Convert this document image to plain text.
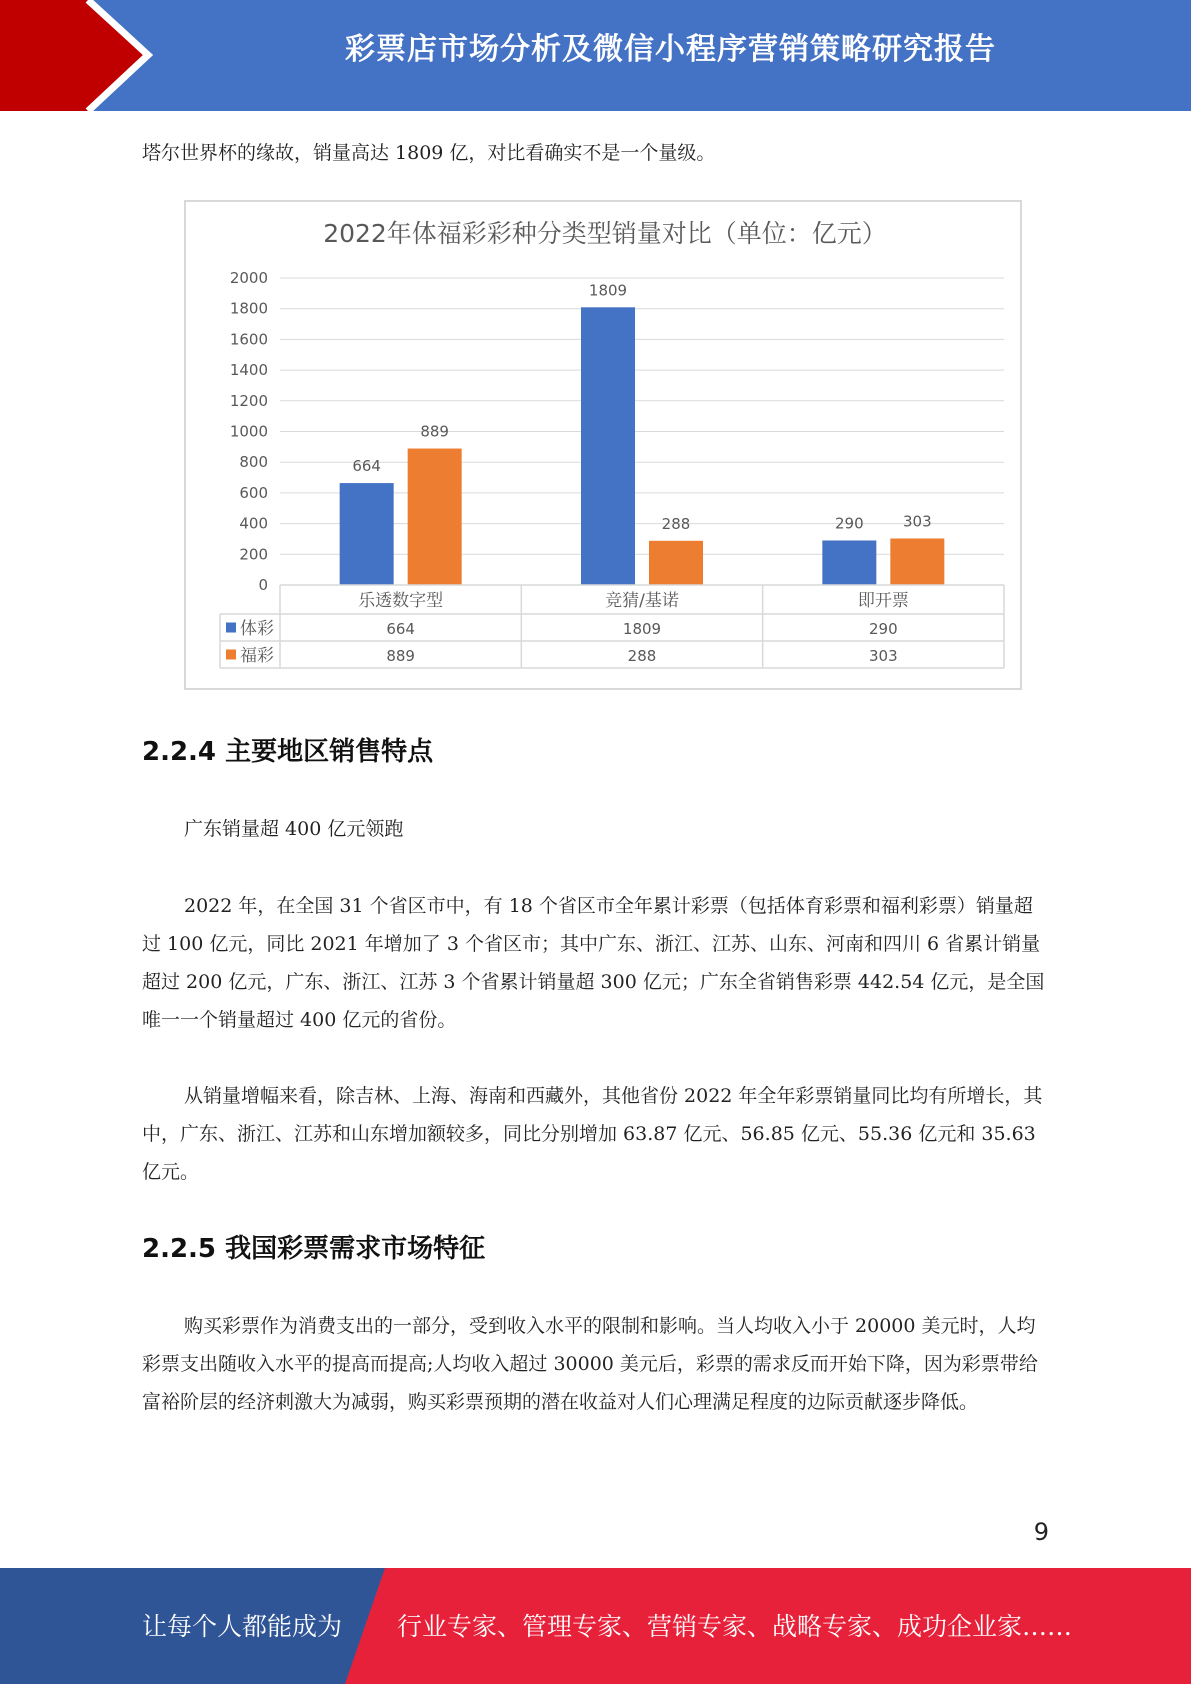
彩票店市场分析及微信小程序营销策略研究报告

塔尔世界杯的缘故，销量高达 1809 亿，对比看确实不是一个量级。

2022年体福彩彩种分类型销量对比（单位：亿元）
0
200
400
600
800
1000
1200
1400
1600
1800
2000
664
1809
290
889
288	303
乐透数字型	竞猜/基诺	即开票
体彩	664	1809	290
福彩	889	288	303
2.2.4 主要地区销售特点

广东销量超 400 亿元领跑

2022 年，在全国 31 个省区市中，有 18 个省区市全年累计彩票（包括体育彩票和福利彩票）销量超过 100 亿元，同比 2021 年增加了 3 个省区市；其中广东、浙江、江苏、山东、河南和四川 6 省累计销量超过 200 亿元，广东、浙江、江苏 3 个省累计销量超 300 亿元；广东全省销售彩票 442.54 亿元，是全国唯一一个销量超过 400 亿元的省份。

从销量增幅来看，除吉林、上海、海南和西藏外，其他省份 2022 年全年彩票销量同比均有所增长，其中，广东、浙江、江苏和山东增加额较多，同比分别增加 63.87 亿元、56.85 亿元、55.36 亿元和 35.63 亿元。

2.2.5 我国彩票需求市场特征

购买彩票作为消费支出的一部分，受到收入水平的限制和影响。当人均收入小于 20000 美元时，人均彩票支出随收入水平的提高而提高;人均收入超过 30000 美元后，彩票的需求反而开始下降，因为彩票带给富裕阶层的经济刺激大为减弱，购买彩票预期的潜在收益对人们心理满足程度的边际贡献逐步降低。

9
让每个人都能成为 行业专家、管理专家、营销专家、战略专家、成功企业家……
